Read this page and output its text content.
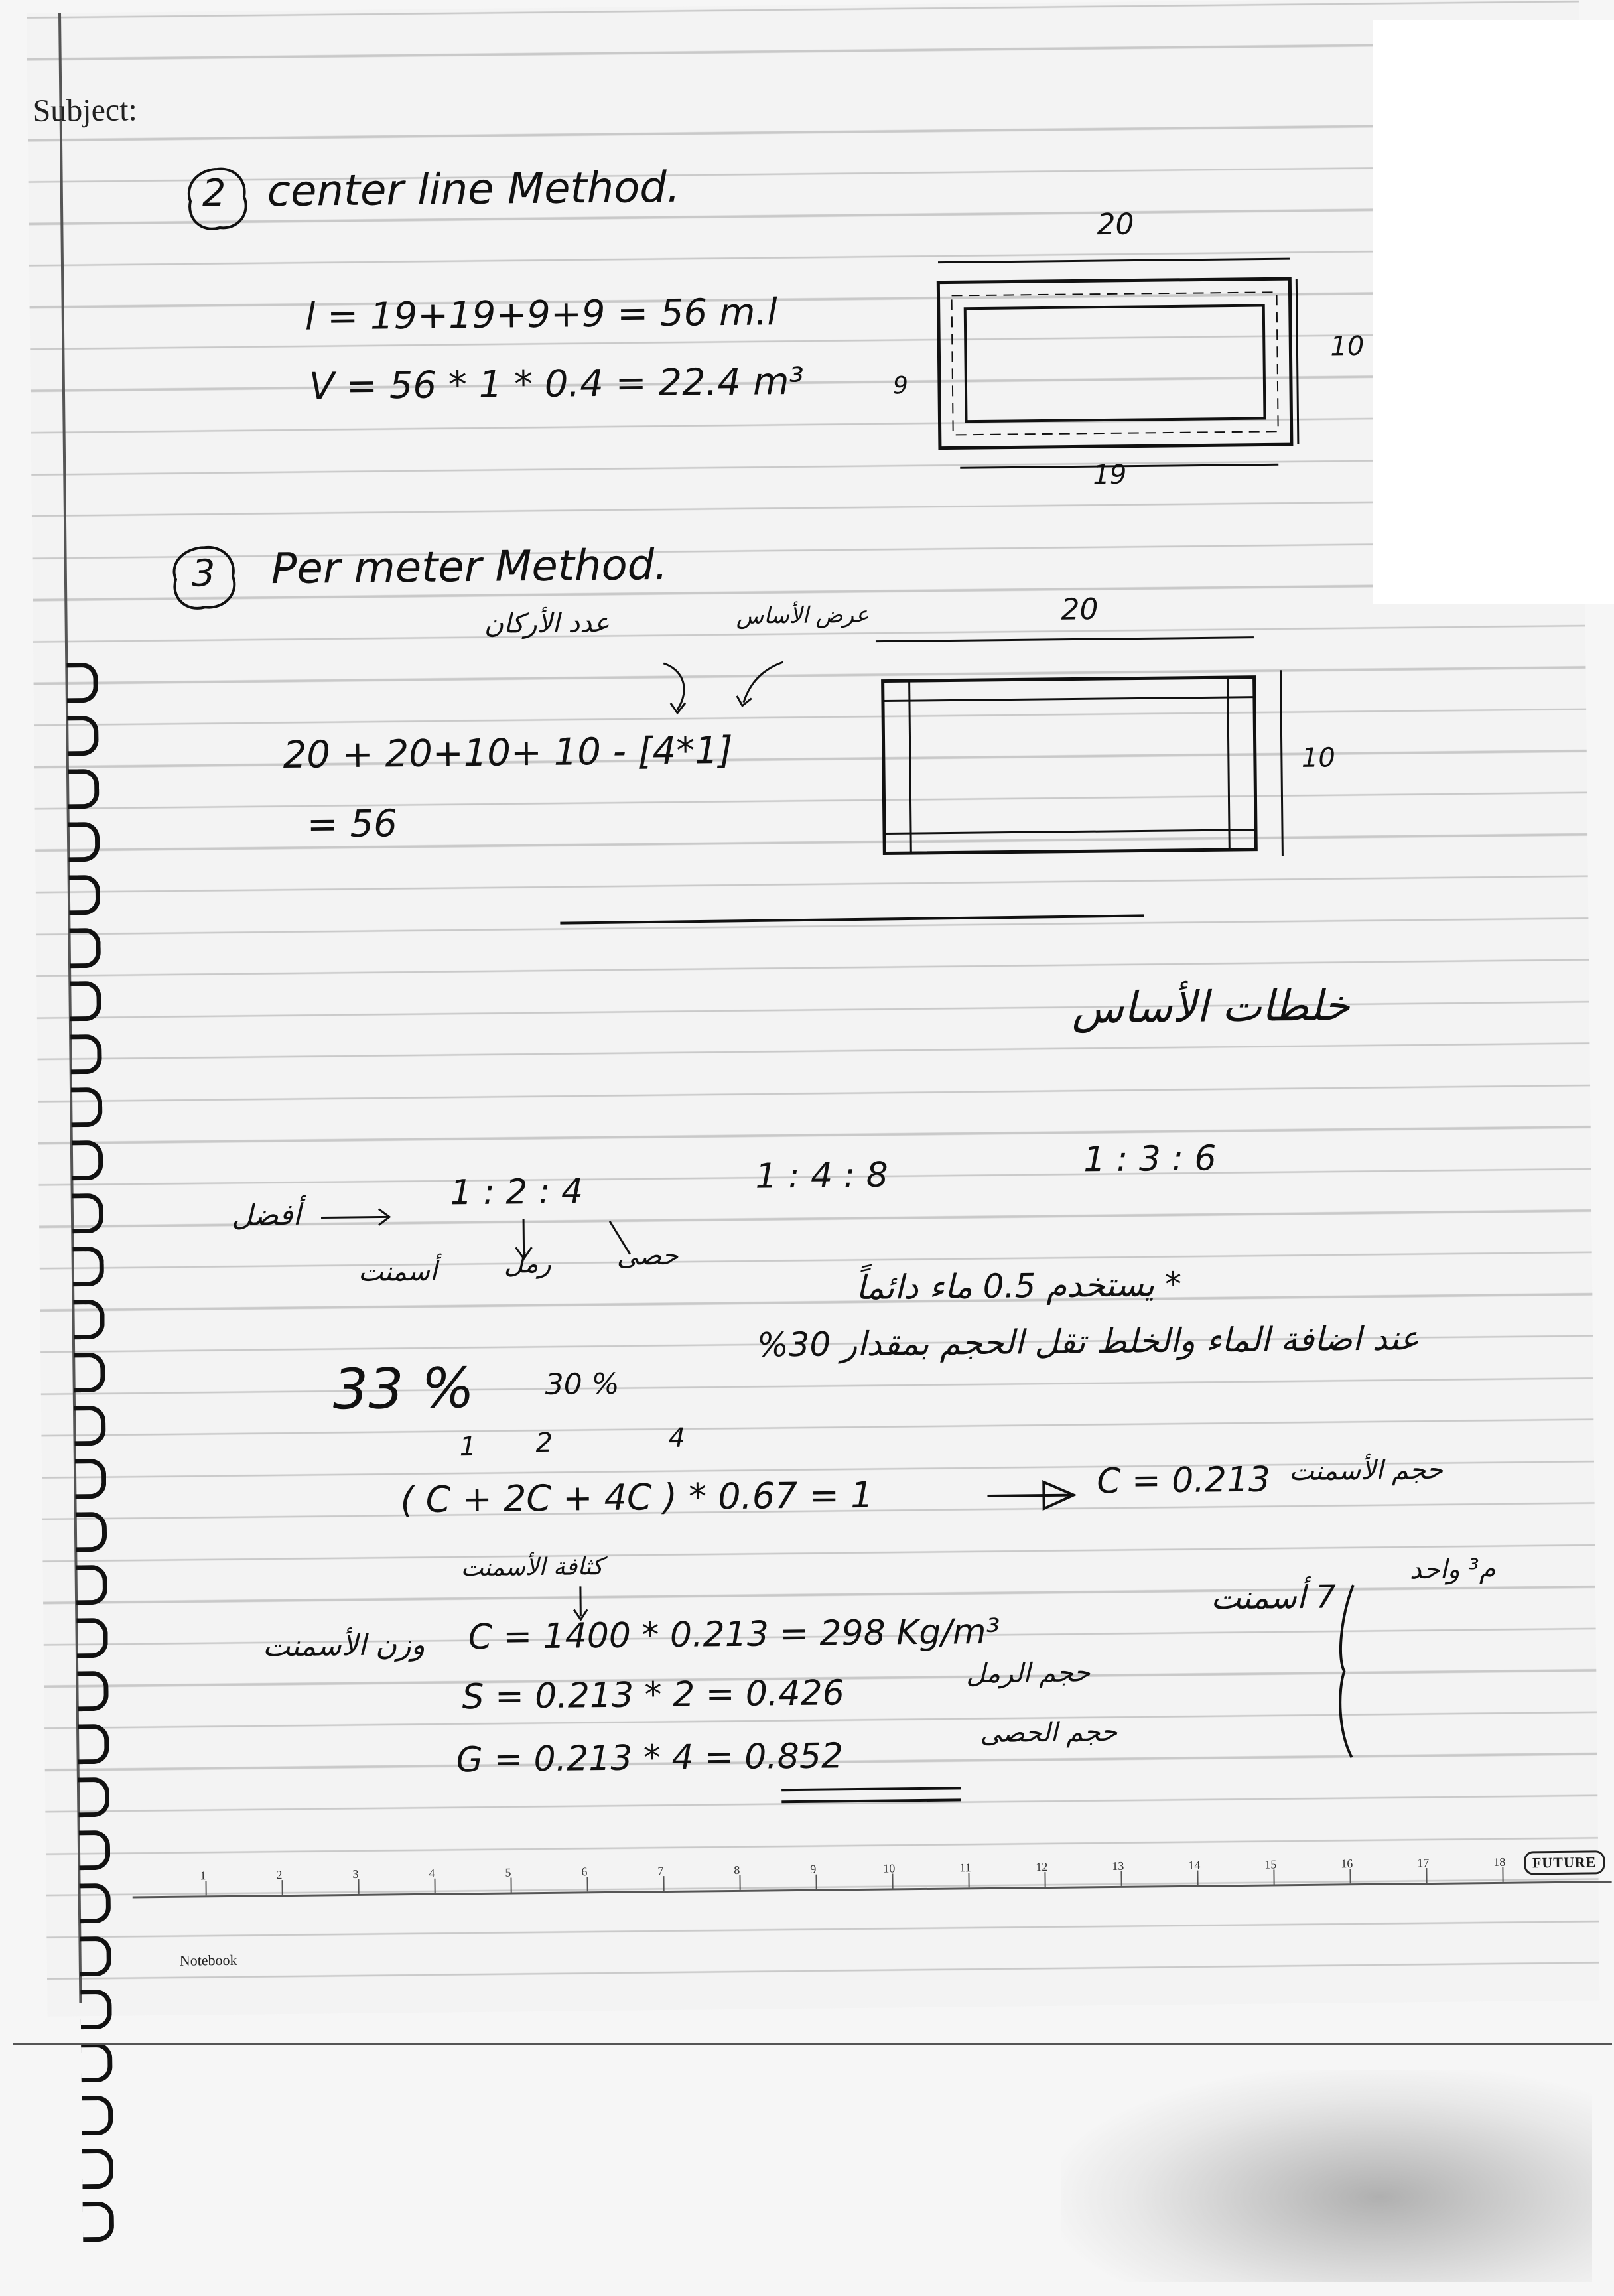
Subject:
2 center line Method.
l = 19+19+9+9 = 56 m.l
V = 56 * 1 * 0.4 = 22.4 m³
20
10
9
19
3 Per meter Method.
عدد الأركان	عرض الأساس
20 + 20+10+ 10 - [4*1]
= 56
20
10
خلطات الأساس
أفضل
1 : 2 : 4	1 : 4 : 8	1 : 3 : 6
أسمنت	رمل حصى
* يستخدم 0.5 ماء دائماً
عند اضافة الماء والخلط تقل الحجم بمقدار 30%
33 % 30 %
1 2	4
( C + 2C + 4C ) * 0.67 = 1	C = 0.213 حجم الأسمنت
كثافة الأسمنت
وزن الأسمنت C = 1400 * 0.213 = 298 Kg/m³
7 أسمنت
م³ واحد
S = 0.213 * 2 = 0.426	حجم الرمل
G = 0.213 * 4 = 0.852
حجم الحصى
1	2	3	4	5	6	7	8	9	10	11	12	13	14	15	16	17	18	FUTURE
Notebook
